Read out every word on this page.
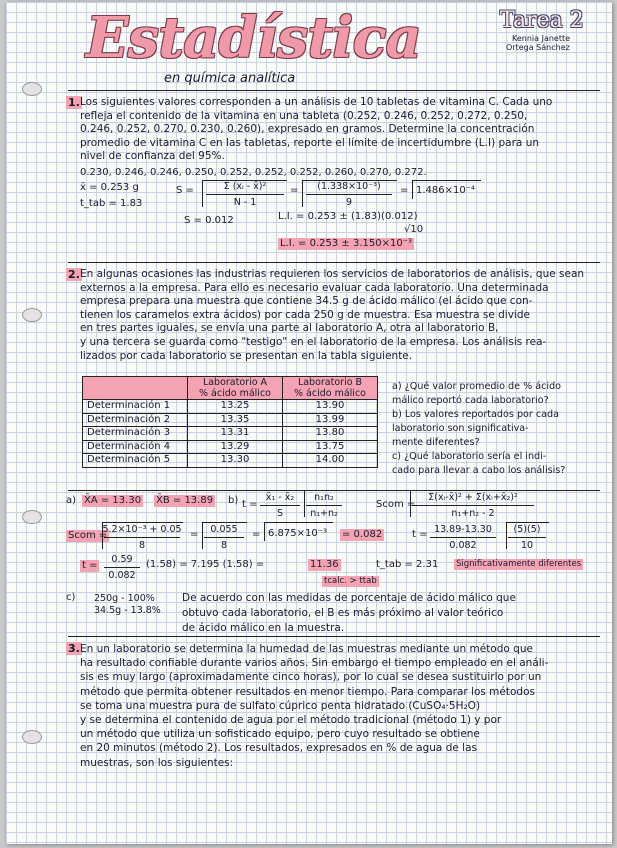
Estadística
en química analítica
Tarea 2
Kennia Janette
Ortega Sánchez
1. Los siguientes valores corresponden a un análisis de 10 tabletas de vitamina C. Cada uno
refleja el contenido de la vitamina en una tableta (0.252, 0.246, 0.252, 0.272, 0.250,
0.246, 0.252, 0.270, 0.230, 0.260), expresado en gramos. Determine la concentración
promedio de vitamina C en las tabletas, reporte el límite de incertidumbre (L.I) para un
nivel de confianza del 95%.
0.230, 0.246, 0.246, 0.250, 0.252, 0.252, 0.252, 0.260, 0.270, 0.272.
x̄ = 0.253 g
t_tab = 1.83
S =	Σ (xᵢ - x̄)²
N - 1
= (1.338×10⁻³)
9
= 1.486×10⁻⁴
S = 0.012	L.I. = 0.253 ± (1.83)(0.012)
√10
L.I. = 0.253 ± 3.150×10⁻³
2. En algunas ocasiones las industrias requieren los servicios de laboratorios de análisis, que sean
externos a la empresa. Para ello es necesario evaluar cada laboratorio. Una determinada
empresa prepara una muestra que contiene 34.5 g de ácido málico (el ácido que con-
tienen los caramelos extra ácidos) por cada 250 g de muestra. Esa muestra se divide
en tres partes iguales, se envía una parte al laboratorio A, otra al laboratorio B,
y una tercera se guarda como "testigo" en el laboratorio de la empresa. Los análisis rea-
lizados por cada laboratorio se presentan en la tabla siguiente.
	Laboratorio A
% ácido málico	Laboratorio B
% ácido málico
Determinación 1	13.25	13.90
Determinación 2	13.35	13.99
Determinación 3	13.31	13.80
Determinación 4	13.29	13.75
Determinación 5	13.30	14.00
a) ¿Qué valor promedio de % ácido
málico reportó cada laboratorio?
b) Los valores reportados por cada
laboratorio son significativa-
mente diferentes?
c) ¿Qué laboratorio sería el indi-
cado para llevar a cabo los análisis?
a) X̄A = 13.30 X̄B = 13.89 b) t =
x̄₁ - x̄₂
S
n₁n₂
n₁+n₂
Scom =
Σ(xᵢ-x̄)² + Σ(xᵢ+x̄₂)²
n₁+n₂ - 2
Scom =
5.2×10⁻³ + 0.05
8
= 0.055
8
= 6.875×10⁻³ = 0.082	t = 13.89-13.30
0.082
(5)(5)
10
t =
0.59
0.082
(1.58) = 7.195 (1.58) =	11.36	t_tab = 2.31 Significativamente diferentes
tcalc. > ttab
c) 250g - 100%
34.5g - 13.8%
De acuerdo con las medidas de porcentaje de ácido málico que
obtuvo cada laboratorio, el B es más próximo al valor teórico
de ácido málico en la muestra.
3. En un laboratorio se determina la humedad de las muestras mediante un método que
ha resultado confiable durante varios años. Sin embargo el tiempo empleado en el análi-
sis es muy largo (aproximadamente cinco horas), por lo cual se desea sustituirlo por un
método que permita obtener resultados en menor tiempo. Para comparar los métodos
se toma una muestra pura de sulfato cúprico penta hidratado (CuSO₄·5H₂O)
y se determina el contenido de agua por el método tradicional (método 1) y por
un método que utiliza un sofisticado equipo, pero cuyo resultado se obtiene
en 20 minutos (método 2). Los resultados, expresados en % de agua de las
muestras, son los siguientes:
